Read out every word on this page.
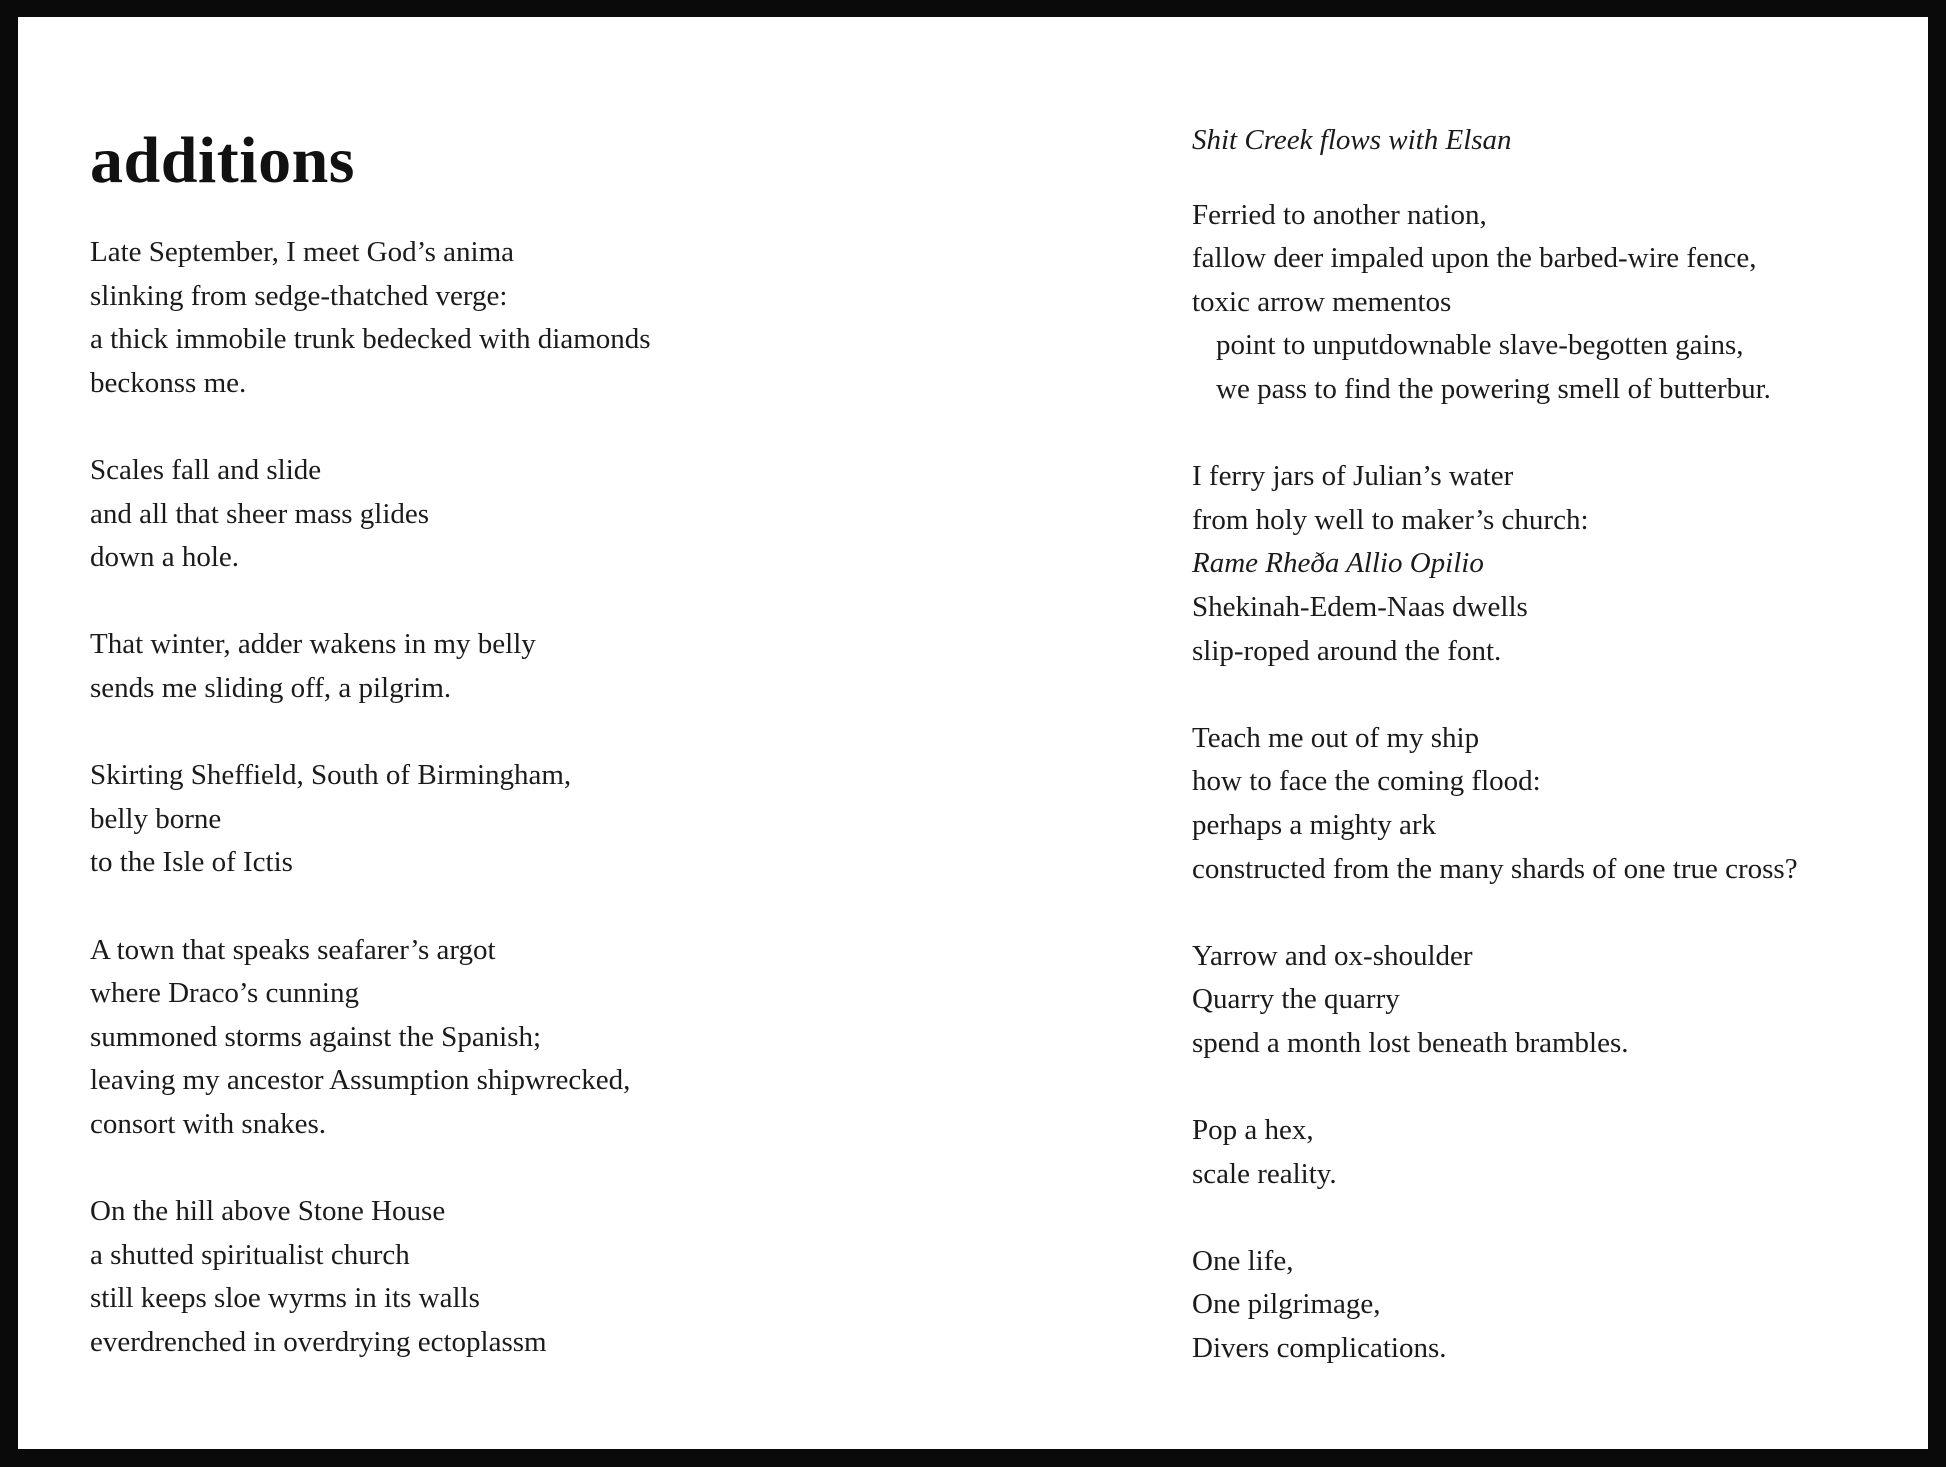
additions
Late September, I meet God’s anima
slinking from sedge-thatched verge:
a thick immobile trunk bedecked with diamonds
beckonss me.
Scales fall and slide
and all that sheer mass glides
down a hole.
That winter, adder wakens in my belly
sends me sliding off, a pilgrim.
Skirting Sheffield, South of Birmingham,
belly borne
to the Isle of Ictis
A town that speaks seafarer’s argot
where Draco’s cunning
summoned storms against the Spanish;
leaving my ancestor Assumption shipwrecked,
consort with snakes.
On the hill above Stone House
a shutted spiritualist church
still keeps sloe wyrms in its walls
everdrenched in overdrying ectoplassm
Shit Creek flows with Elsan
Ferried to another nation,
fallow deer impaled upon the barbed-wire fence,
toxic arrow mementos
point to unputdownable slave-begotten gains,
we pass to find the powering smell of butterbur.
I ferry jars of Julian’s water
from holy well to maker’s church:
Rame Rheða Allio Opilio
Shekinah-Edem-Naas dwells
slip-roped around the font.
Teach me out of my ship
how to face the coming flood:
perhaps a mighty ark
constructed from the many shards of one true cross?
Yarrow and ox-shoulder
Quarry the quarry
spend a month lost beneath brambles.
Pop a hex,
scale reality.
One life,
One pilgrimage,
Divers complications.
